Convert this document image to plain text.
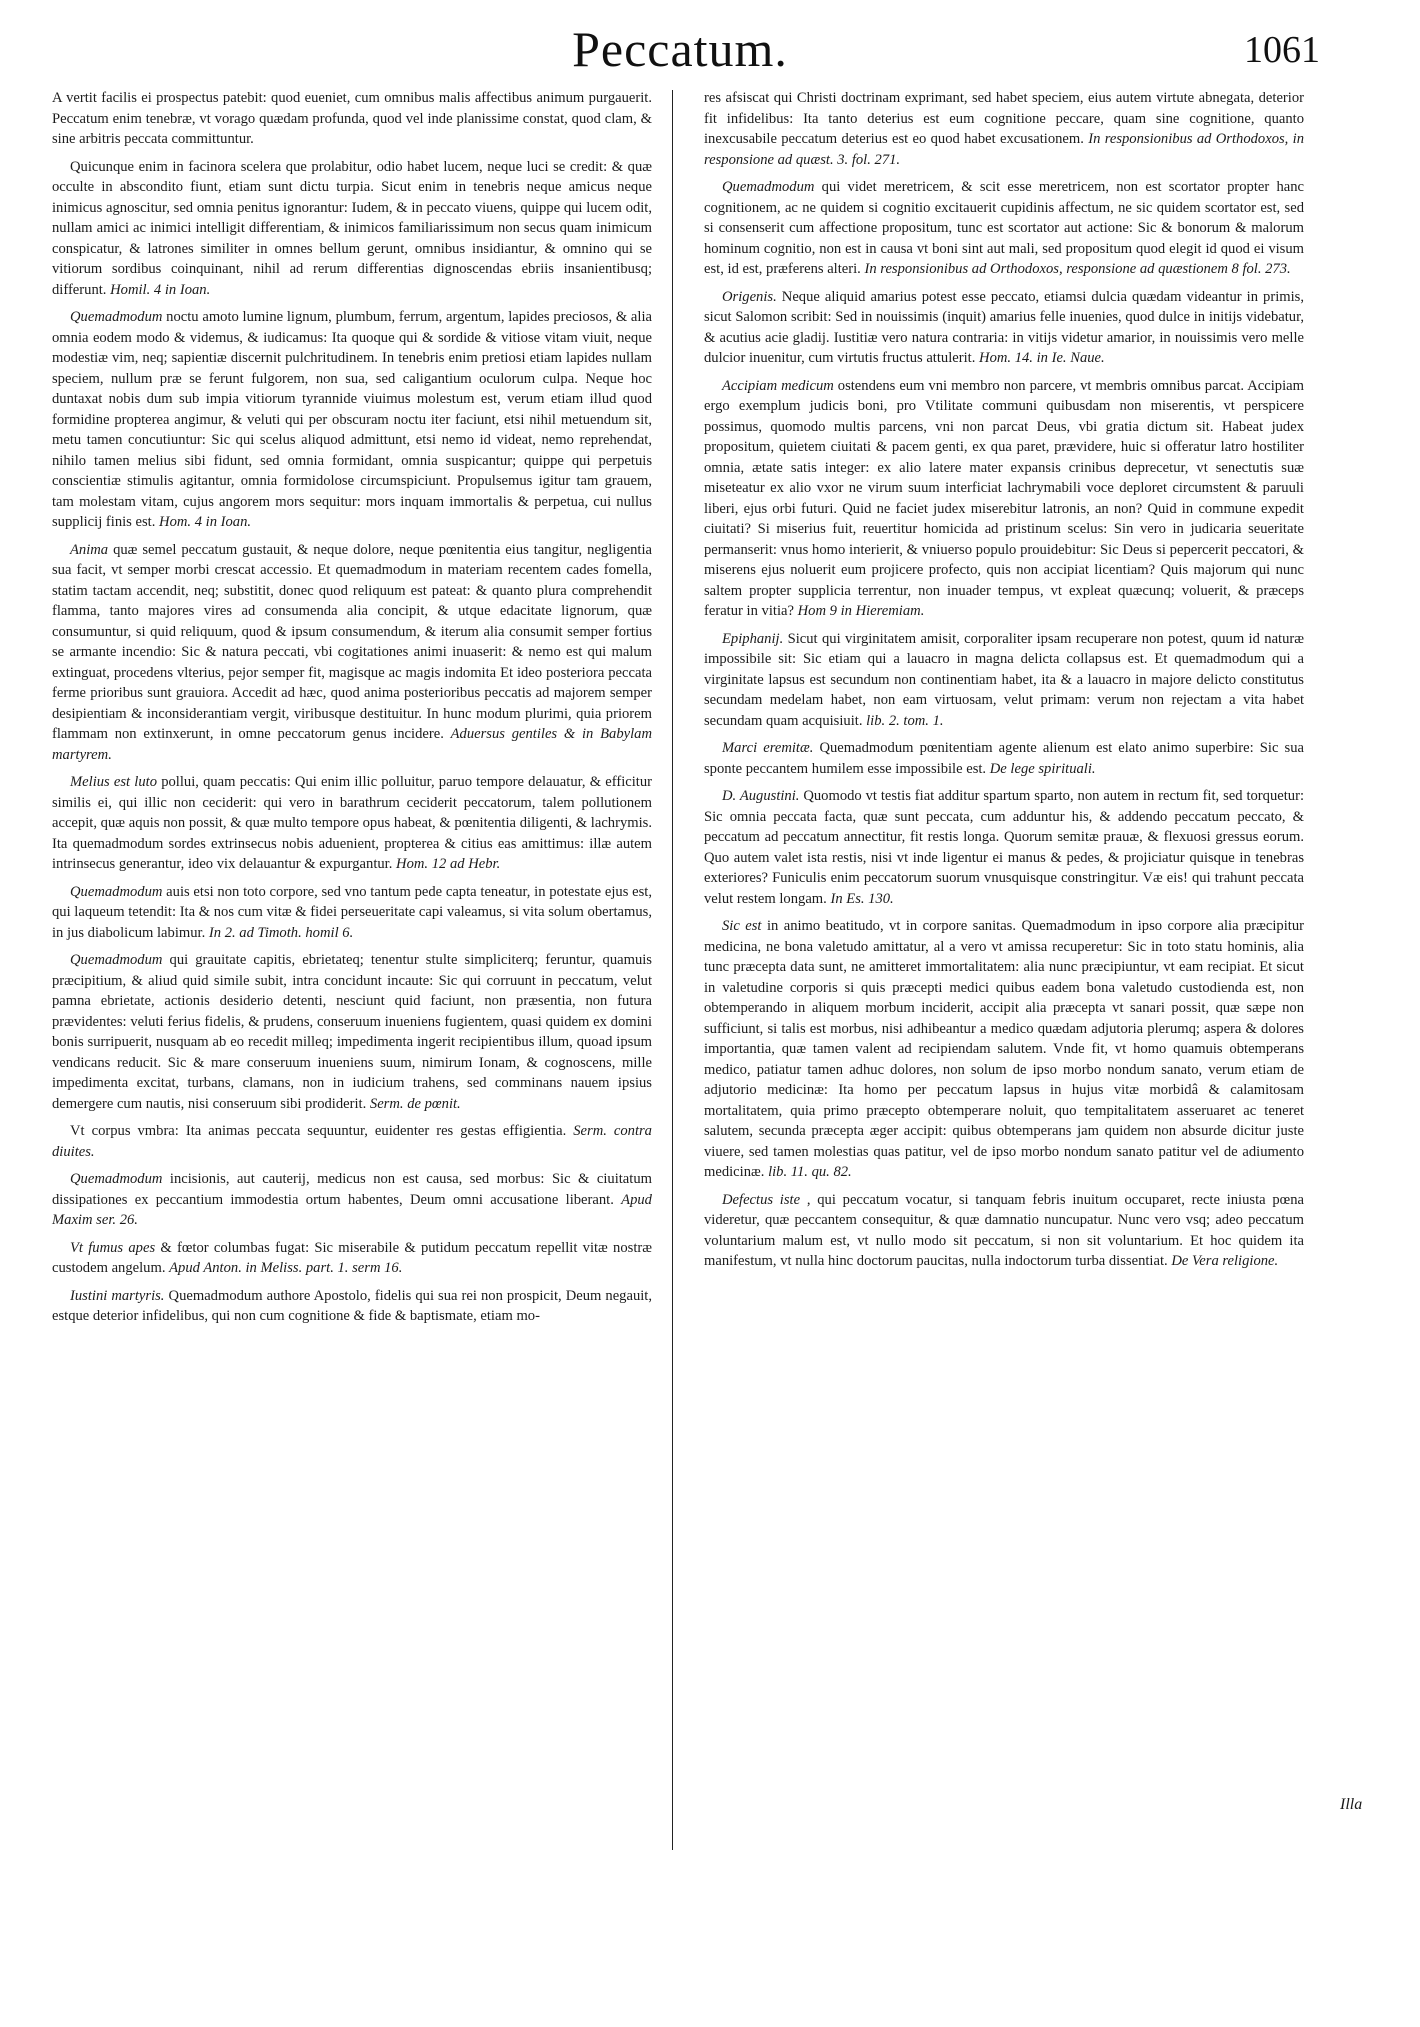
Peccatum.	1061

A vertit facilis ei prospectus patebit: quod eueniet, cum omnibus malis affectibus animum purgauerit. Peccatum enim tenebræ, vt vorago quædam profunda, quod vel inde planissime constat, quod clam, & sine arbitris peccata committuntur.

Quicunque enim in facinora scelera que prolabitur, odio habet lucem, neque luci se credit: & quæ occulte in abscondito fiunt, etiam sunt dictu turpia. Sicut enim in tenebris neque amicus neque inimicus agnoscitur, sed omnia penitus ignorantur: Iudem, & in peccato viuens, quippe qui lucem odit, nullam amici ac inimici intelligit differentiam, & inimicos familiarissimum non secus quam inimicum conspicatur, & latrones similiter in omnes bellum gerunt, omnibus insidiantur, & omnino qui se vitiorum sordibus coinquinant, nihil ad rerum differentias dignoscendas ebriis insanientibusq; differunt. Homil. 4 in Ioan.

Quemadmodum noctu amoto lumine lignum, plumbum, ferrum, argentum, lapides preciosos, & alia omnia eodem modo & videmus, & iudicamus: Ita quoque qui & sordide & vitiose vitam viuit, neque modestiæ vim, neq; sapientiæ discernit pulchritudinem. In tenebris enim pretiosi etiam lapides nullam speciem, nullum præ se ferunt fulgorem, non sua, sed caligantium oculorum culpa. Neque hoc duntaxat nobis dum sub impia vitiorum tyrannide viuimus molestum est, verum etiam illud quod formidine propterea angimur, & veluti qui per obscuram noctu iter faciunt, etsi nihil metuendum sit, metu tamen concutiuntur: Sic qui scelus aliquod admittunt, etsi nemo id videat, nemo reprehendat, nihilo tamen melius sibi fidunt, sed omnia formidant, omnia suspicantur; quippe qui perpetuis conscientiæ stimulis agitantur, omnia formidolose circumspiciunt. Propulsemus igitur tam grauem, tam molestam vitam, cujus angorem mors sequitur: mors inquam immortalis & perpetua, cui nullus supplicij finis est. Hom. 4 in Ioan.

Anima quæ semel peccatum gustauit, & neque dolore, neque pœnitentia eius tangitur, negligentia sua facit, vt semper morbi crescat accessio. Et quemadmodum in materiam recentem cades fomella, statim tactam accendit, neq; substitit, donec quod reliquum est pateat: & quanto plura comprehendit flamma, tanto majores vires ad consumenda alia concipit, & utque edacitate lignorum, quæ consumuntur, si quid reliquum, quod & ipsum consumendum, & iterum alia consumit semper fortius se armante incendio: Sic & natura peccati, vbi cogitationes animi inuaserit: & nemo est qui malum extinguat, procedens vlterius, pejor semper fit, magisque ac magis indomita Et ideo posteriora peccata ferme prioribus sunt grauiora. Accedit ad hæc, quod anima posterioribus peccatis ad majorem semper desipientiam & inconsiderantiam vergit, viribusque destituitur. In hunc modum plurimi, quia priorem flammam non extinxerunt, in omne peccatorum genus incidere. Aduersus gentiles & in Babylam martyrem.

Melius est luto pollui, quam peccatis: Qui enim illic polluitur, paruo tempore delauatur, & efficitur similis ei, qui illic non ceciderit: qui vero in barathrum ceciderit peccatorum, talem pollutionem accepit, quæ aquis non possit, & quæ multo tempore opus habeat, & pœnitentia diligenti, & lachrymis. Ita quemadmodum sordes extrinsecus nobis aduenient, propterea & citius eas amittimus: illæ autem intrinsecus generantur, ideo vix delauantur & expurgantur. Hom. 12 ad Hebr.

Quemadmodum auis etsi non toto corpore, sed vno tantum pede capta teneatur, in potestate ejus est, qui laqueum tetendit: Ita & nos cum vitæ & fidei perseueritate capi valeamus, si vita solum obertamus, in jus diabolicum labimur. In 2. ad Timoth. homil 6.

Quemadmodum qui grauitate capitis, ebrietateq; tenentur stulte simpliciterq; feruntur, quamuis præcipitium, & aliud quid simile subit, intra concidunt incaute: Sic qui corruunt in peccatum, velut pamna ebrietate, actionis desiderio detenti, nesciunt quid faciunt, non præsentia, non futura prævidentes: veluti ferius fidelis, & prudens, conseruum inueniens fugientem, quasi quidem ex domini bonis surripuerit, nusquam ab eo recedit milleq; impedimenta ingerit recipientibus illum, quoad ipsum vendicans reducit. Sic & mare conseruum inueniens suum, nimirum Ionam, & cognoscens, mille impedimenta excitat, turbans, clamans, non in iudicium trahens, sed comminans nauem ipsius demergere cum nautis, nisi conseruum sibi prodiderit. Serm. de pœnit.

Vt corpus vmbra: Ita animas peccata sequuntur, euidenter res gestas effigientia. Serm. contra diuites.

Quemadmodum incisionis, aut cauterij, medicus non est causa, sed morbus: Sic & ciuitatum dissipationes ex peccantium immodestia ortum habentes, Deum omni accusatione liberant. Apud Maxim ser. 26.

Vt fumus apes & fœtor columbas fugat: Sic miserabile & putidum peccatum repellit vitæ nostræ custodem angelum. Apud Anton. in Meliss. part. 1. serm 16.

Iustini martyris. Quemadmodum authore Apostolo, fidelis qui sua rei non prospicit, Deum negauit, estque deterior infidelibus, qui non cum cognitione & fide & baptismate, etiam mo-

res afsiscat qui Christi doctrinam exprimant, sed habet speciem, eius autem virtute abnegata, deterior fit infidelibus: Ita tanto deterius est eum cognitione peccare, quam sine cognitione, quanto inexcusabile peccatum deterius est eo quod habet excusationem. In responsionibus ad Orthodoxos, in responsione ad quæst. 3. fol. 271.

Quemadmodum qui videt meretricem, & scit esse meretricem, non est scortator propter hanc cognitionem, ac ne quidem si cognitio excitauerit cupidinis affectum, ne sic quidem scortator est, sed si consenserit cum affectione propositum, tunc est scortator aut actione: Sic & bonorum & malorum hominum cognitio, non est in causa vt boni sint aut mali, sed propositum quod elegit id quod ei visum est, id est, præferens alteri. In responsionibus ad Orthodoxos, responsione ad quæstionem 8 fol. 273.

Origenis. Neque aliquid amarius potest esse peccato, etiamsi dulcia quædam videantur in primis, sicut Salomon scribit: Sed in nouissimis (inquit) amarius felle inuenies, quod dulce in initijs videbatur, & acutius acie gladij. Iustitiæ vero natura contraria: in vitijs videtur amarior, in nouissimis vero melle dulcior inuenitur, cum virtutis fructus attulerit. Hom. 14. in Ie. Naue.

Accipiam medicum ostendens eum vni membro non parcere, vt membris omnibus parcat. Accipiam ergo exemplum judicis boni, pro Vtilitate communi quibusdam non miserentis, vt perspicere possimus, quomodo multis parcens, vni non parcat Deus, vbi gratia dictum sit. Habeat judex propositum, quietem ciuitati & pacem genti, ex qua paret, prævidere, huic si offeratur latro hostiliter omnia, ætate satis integer: ex alio latere mater expansis crinibus deprecetur, vt senectutis suæ miseteatur ex alio vxor ne virum suum interficiat lachrymabili voce deploret circumstent & paruuli liberi, ejus orbi futuri. Quid ne faciet judex miserebitur latronis, an non? Quid in commune expedit ciuitati? Si miserius fuit, reuertitur homicida ad pristinum scelus: Sin vero in judicaria seueritate permanserit: vnus homo interierit, & vniuerso populo prouidebitur: Sic Deus si pepercerit peccatori, & miserens ejus noluerit eum projicere profecto, quis non accipiat licentiam? Quis majorum qui nunc saltem propter supplicia terrentur, non inuader tempus, vt expleat quæcunq; voluerit, & præceps feratur in vitia? Hom 9 in Hieremiam.

Epiphanij. Sicut qui virginitatem amisit, corporaliter ipsam recuperare non potest, quum id naturæ impossibile sit: Sic etiam qui a lauacro in magna delicta collapsus est. Et quemadmodum qui a virginitate lapsus est secundum non continentiam habet, ita & a lauacro in majore delicto constitutus secundam medelam habet, non eam virtuosam, velut primam: verum non rejectam a vita habet secundam quam acquisiuit. lib. 2. tom. 1.

Marci eremitæ. Quemadmodum pœnitentiam agente alienum est elato animo superbire: Sic sua sponte peccantem humilem esse impossibile est. De lege spirituali.

D. Augustini. Quomodo vt testis fiat additur spartum sparto, non autem in rectum fit, sed torquetur: Sic omnia peccata facta, quæ sunt peccata, cum adduntur his, & addendo peccatum peccato, & peccatum ad peccatum annectitur, fit restis longa. Quorum semitæ prauæ, & flexuosi gressus eorum. Quo autem valet ista restis, nisi vt inde ligentur ei manus & pedes, & projiciatur quisque in tenebras exteriores? Funiculis enim peccatorum suorum vnusquisque constringitur. Væ eis! qui trahunt peccata velut restem longam. In Es. 130.

Sic est in animo beatitudo, vt in corpore sanitas. Quemadmodum in ipso corpore alia præcipitur medicina, ne bona valetudo amittatur, al a vero vt amissa recuperetur: Sic in toto statu hominis, alia tunc præcepta data sunt, ne amitteret immortalitatem: alia nunc præcipiuntur, vt eam recipiat. Et sicut in valetudine corporis si quis præcepti medici quibus eadem bona valetudo custodienda est, non obtemperando in aliquem morbum inciderit, accipit alia præcepta vt sanari possit, quæ sæpe non sufficiunt, si talis est morbus, nisi adhibeantur a medico quædam adjutoria plerumq; aspera & dolores importantia, quæ tamen valent ad recipiendam salutem. Vnde fit, vt homo quamuis obtemperans medico, patiatur tamen adhuc dolores, non solum de ipso morbo nondum sanato, verum etiam de adjutorio medicinæ: Ita homo per peccatum lapsus in hujus vitæ morbidâ & calamitosam mortalitatem, quia primo præcepto obtemperare noluit, quo tempitalitatem asseruaret ac teneret salutem, secunda præcepta æger accipit: quibus obtemperans jam quidem non absurde dicitur juste viuere, sed tamen molestias quas patitur, vel de ipso morbo nondum sanato patitur vel de adiumento medicinæ. lib. 11. qu. 82.

Defectus iste , qui peccatum vocatur, si tanquam febris inuitum occuparet, recte iniusta pœna videretur, quæ peccantem consequitur, & quæ damnatio nuncupatur. Nunc vero vsq; adeo peccatum voluntarium malum est, vt nullo modo sit peccatum, si non sit voluntarium. Et hoc quidem ita manifestum, vt nulla hinc doctorum paucitas, nulla indoctorum turba dissentiat. De Vera religione.

Illa
